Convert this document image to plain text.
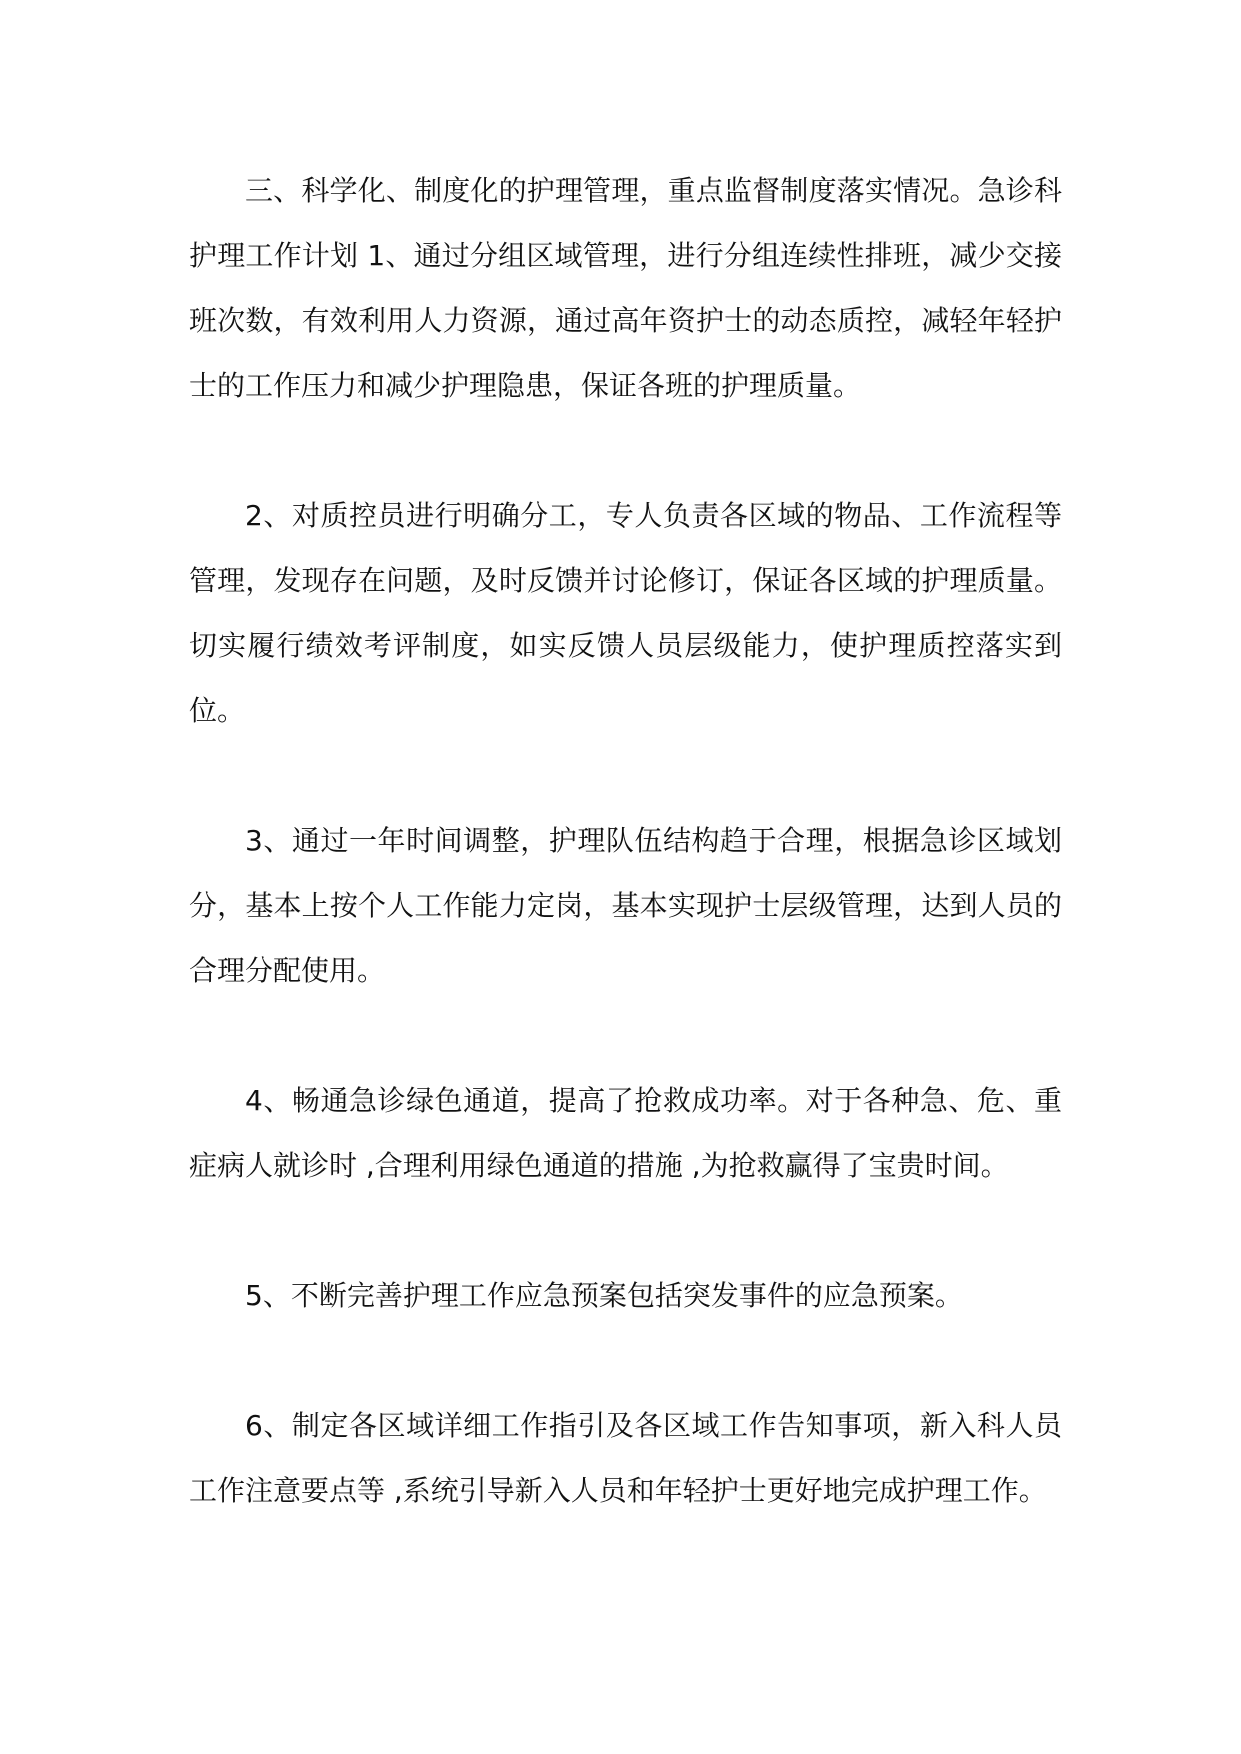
三、科学化、制度化的护理管理，重点监督制度落实情况。急诊科护理工作计划 1、通过分组区域管理，进行分组连续性排班，减少交接班次数，有效利用人力资源，通过高年资护士的动态质控，减轻年轻护士的工作压力和减少护理隐患，保证各班的护理质量。

2、对质控员进行明确分工，专人负责各区域的物品、工作流程等管理，发现存在问题，及时反馈并讨论修订，保证各区域的护理质量。切实履行绩效考评制度，如实反馈人员层级能力，使护理质控落实到位。

3、通过一年时间调整，护理队伍结构趋于合理，根据急诊区域划分，基本上按个人工作能力定岗，基本实现护士层级管理，达到人员的合理分配使用。

4、畅通急诊绿色通道，提高了抢救成功率。对于各种急、危、重症病人就诊时 ,合理利用绿色通道的措施 ,为抢救赢得了宝贵时间。

5、不断完善护理工作应急预案包括突发事件的应急预案。

6、制定各区域详细工作指引及各区域工作告知事项，新入科人员工作注意要点等 ,系统引导新入人员和年轻护士更好地完成护理工作。
